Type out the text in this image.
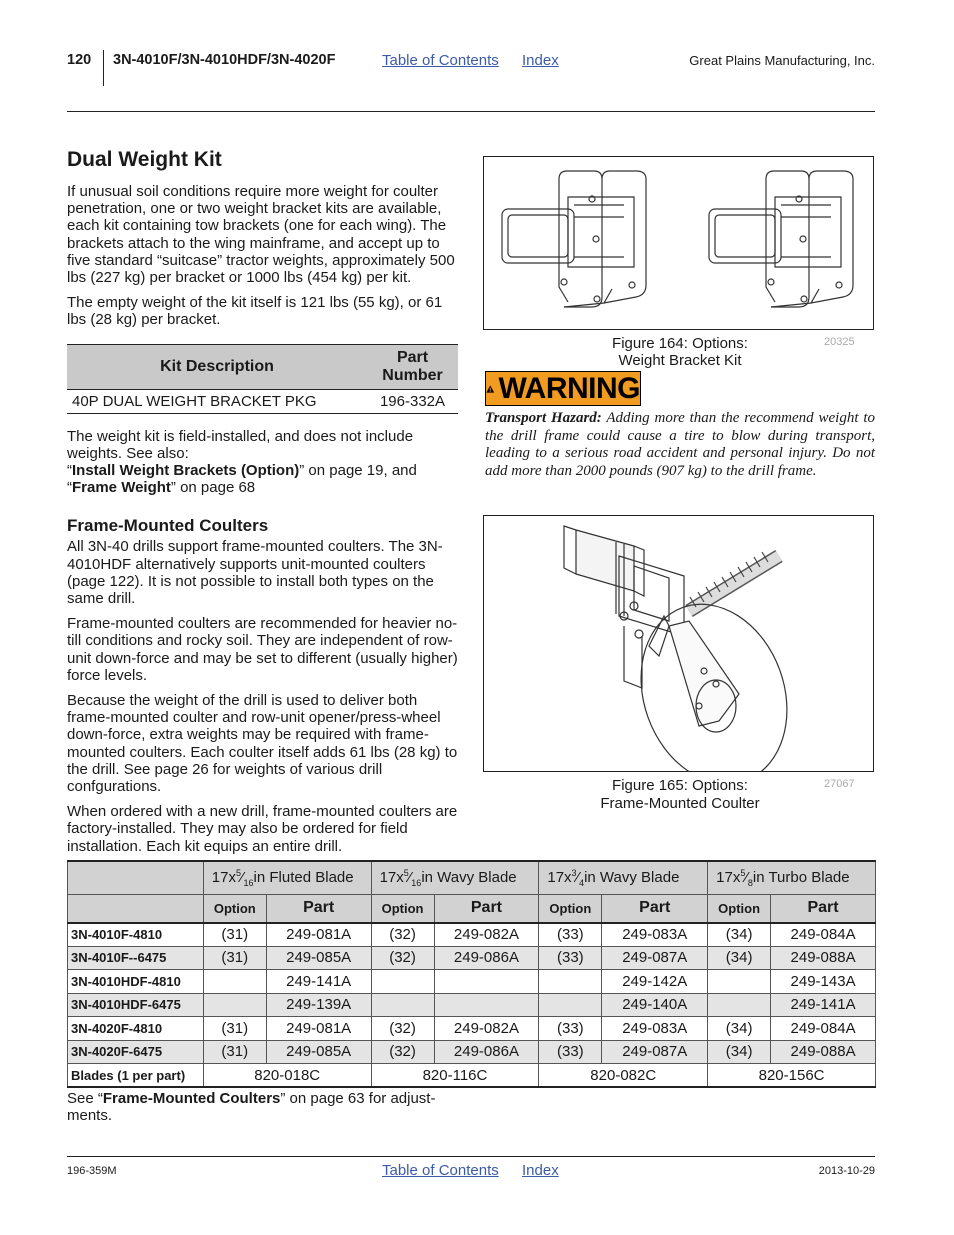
120 3N-4010F/3N-4010HDF/3N-4020F	Table of Contents Index	Great Plains Manufacturing, Inc.
Dual Weight Kit

If unusual soil conditions require more weight for coulter penetration, one or two weight bracket kits are available, each kit containing tow brackets (one for each wing). The brackets attach to the wing mainframe, and accept up to five standard “suitcase” tractor weights, approximately 500 lbs (227 kg) per bracket or 1000 lbs (454 kg) per kit.

The empty weight of the kit itself is 121 lbs (55 kg), or 61 lbs (28 kg) per bracket.

Kit Description	Part Number
40P DUAL WEIGHT BRACKET PKG	196-332A

The weight kit is field-installed, and does not include weights. See also:
“Install Weight Brackets (Option)” on page 19, and
“Frame Weight” on page 68

Frame-Mounted Coulters

All 3N-40 drills support frame-mounted coulters. The 3N-4010HDF alternatively supports unit-mounted coulters (page 122). It is not possible to install both types on the same drill.

Frame-mounted coulters are recommended for heavier no-till conditions and rocky soil. They are independent of row-unit down-force and may be set to different (usually higher) force levels.

Because the weight of the drill is used to deliver both frame-mounted coulter and row-unit opener/press-wheel down-force, extra weights may be required with frame-mounted coulters. Each coulter itself adds 61 lbs (28 kg) to the drill. See page 26 for weights of various drill confgurations.

When ordered with a new drill, frame-mounted coulters are factory-installed. They may also be ordered for field installation. Each kit equips an entire drill.

Figure 164: Options:
Weight Bracket Kit
20325
WARNING
Transport Hazard: Adding more than the recommend weight to the drill frame could cause a tire to blow during transport, leading to a serious road accident and personal injury. Do not add more than 2000 pounds (907 kg) to the drill frame.
Figure 165: Options:
Frame-Mounted Coulter
27067
	$17x^5⁄_{16}in$ Fluted Blade		$17x^5⁄_{16}in$ Wavy Blade		$17x^3⁄_4in$ Wavy Blade		$17x^5⁄_8in$ Turbo Blade	
	Option	Part	Option	Part	Option	Part	Option	Part
3N-4010F-4810	(31)	249-081A	(32)	249-082A	(33)	249-083A	(34)	249-084A
3N-4010F--6475	(31)	249-085A	(32)	249-086A	(33)	249-087A	(34)	249-088A
3N-4010HDF-4810		249-141A				249-142A		249-143A
3N-4010HDF-6475		249-139A				249-140A		249-141A
3N-4020F-4810	(31)	249-081A	(32)	249-082A	(33)	249-083A	(34)	249-084A
3N-4020F-6475	(31)	249-085A	(32)	249-086A	(33)	249-087A	(34)	249-088A
Blades (1 per part)	820-018C		820-116C		820-082C		820-156C	
See “Frame-Mounted Coulters” on page 63 for adjust-ments.
196-359M	Table of Contents Index	2013-10-29
